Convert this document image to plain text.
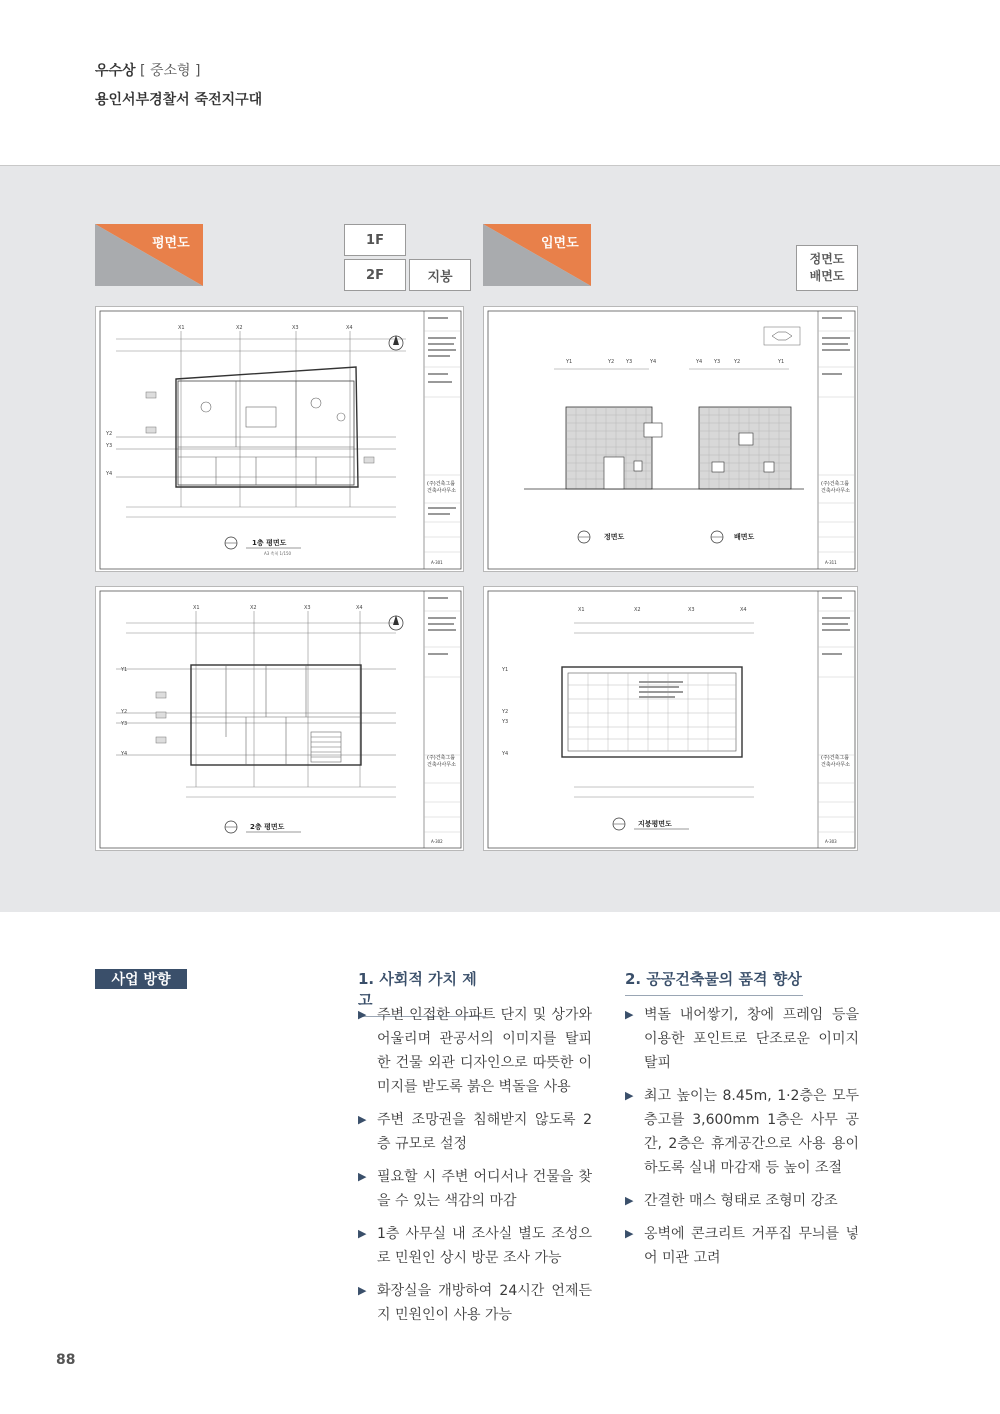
우수상 [ 중소형 ]
용인서부경찰서 죽전지구대
평면도	1F
2F	지붕
입면도
정면도
배면도
X1	X2	X3	X4
Y2
Y3
Y4
1층 평면도
A3 축척 1/150
(주)건축그룹
건축사사무소
A-301
Y1	Y2 Y3	Y4	Y4 Y3	Y2	Y1
정면도	배면도
(주)건축그룹
건축사사무소
A-311
X1	X2	X3	X4
Y1
Y2
Y3
Y4
2층 평면도
(주)건축그룹
건축사사무소
A-302
X1	X2	X3	X4
Y1
Y2
Y3
Y4
지붕평면도
(주)건축그룹
건축사사무소
A-303
사업 방향	1. 사회적 가치 제고
▶ 주변 인접한 아파트 단지 및 상가와 어울리며 관공서의 이미지를 탈피한 건물 외관 디자인으로 따뜻한 이미지를 받도록 붉은 벽돌을 사용
▶ 주변 조망권을 침해받지 않도록 2층 규모로 설정
▶ 필요할 시 주변 어디서나 건물을 찾을 수 있는 색감의 마감
▶ 1층 사무실 내 조사실 별도 조성으로 민원인 상시 방문 조사 가능
▶ 화장실을 개방하여 24시간 언제든지 민원인이 사용 가능
2. 공공건축물의 품격 향상
▶ 벽돌 내어쌓기, 창에 프레임 등을 이용한 포인트로 단조로운 이미지 탈피
▶ 최고 높이는 8.45m, 1·2층은 모두 층고를 3,600mm 1층은 사무 공간, 2층은 휴게공간으로 사용 용이하도록 실내 마감재 등 높이 조절
▶ 간결한 매스 형태로 조형미 강조
▶ 옹벽에 콘크리트 거푸집 무늬를 넣어 미관 고려
88
